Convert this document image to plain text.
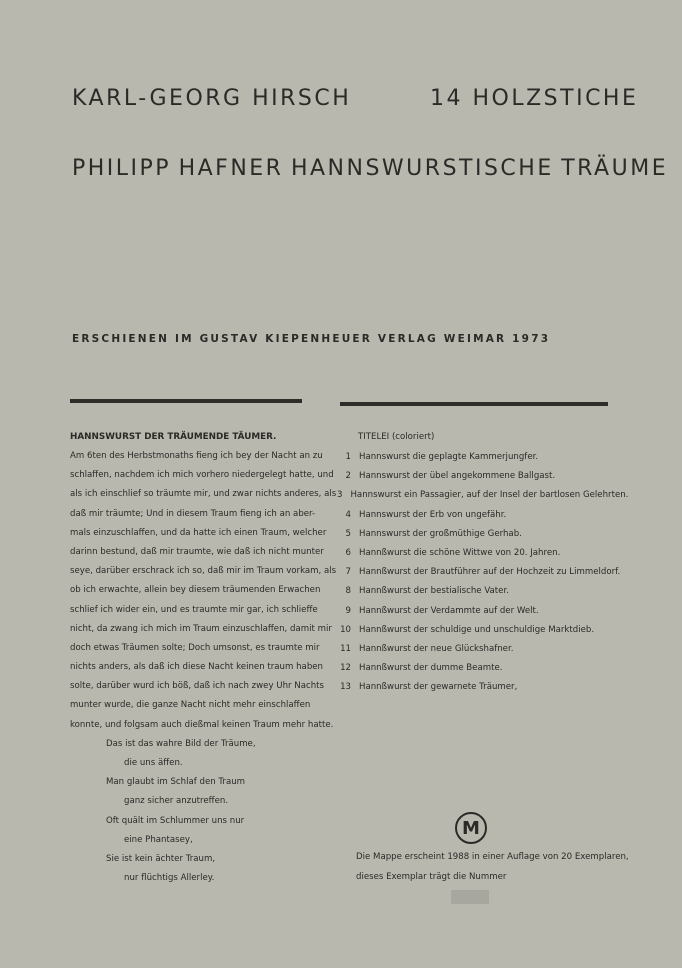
KARL-GEORG HIRSCH	14 HOLZSTICHE
PHILIPP HAFNER HANNSWURSTISCHE TRÄUME
ERSCHIENEN IM GUSTAV KIEPENHEUER VERLAG WEIMAR 1973
HANNSWURST DER TRÄUMENDE TÄUMER.
Am 6ten des Herbstmonaths fieng ich bey der Nacht an zu
schlaffen, nachdem ich mich vorhero niedergelegt hatte, und
als ich einschlief so träumte mir, und zwar nichts anderes, als
daß mir träumte; Und in diesem Traum fieng ich an aber-
mals einzuschlaffen, und da hatte ich einen Traum, welcher
darinn bestund, daß mir traumte, wie daß ich nicht munter
seye, darüber erschrack ich so, daß mir im Traum vorkam, als
ob ich erwachte, allein bey diesem träumenden Erwachen
schlief ich wider ein, und es traumte mir gar, ich schlieffe
nicht, da zwang ich mich im Traum einzuschlaffen, damit mir
doch etwas Träumen solte; Doch umsonst, es traumte mir
nichts anders, als daß ich diese Nacht keinen traum haben
solte, darüber wurd ich böß, daß ich nach zwey Uhr Nachts
munter wurde, die ganze Nacht nicht mehr einschlaffen
konnte, und folgsam auch dießmal keinen Traum mehr hatte.
Das ist das wahre Bild der Träume,
die uns äffen.
Man glaubt im Schlaf den Traum
ganz sicher anzutreffen.
Oft quält im Schlummer uns nur
eine Phantasey,
Sie ist kein ächter Traum,
nur flüchtigs Allerley.
TITELEI (coloriert)
1 Hannswurst die geplagte Kammerjungfer.
2 Hannswurst der übel angekommene Ballgast.
3 Hannswurst ein Passagier, auf der Insel der bartlosen Gelehrten.
4 Hannswurst der Erb von ungefähr.
5 Hannswurst der großmüthige Gerhab.
6 Hannßwurst die schöne Wittwe von 20. Jahren.
7 Hannßwurst der Brautführer auf der Hochzeit zu Limmeldorf.
8 Hannßwurst der bestialische Vater.
9 Hannßwurst der Verdammte auf der Welt.
10 Hannßwurst der schuldige und unschuldige Marktdieb.
11 Hannßwurst der neue Glückshafner.
12 Hannßwurst der dumme Beamte.
13 Hannßwurst der gewarnete Träumer,
M
Die Mappe erscheint 1988 in einer Auflage von 20 Exemplaren,
dieses Exemplar trägt die Nummer
